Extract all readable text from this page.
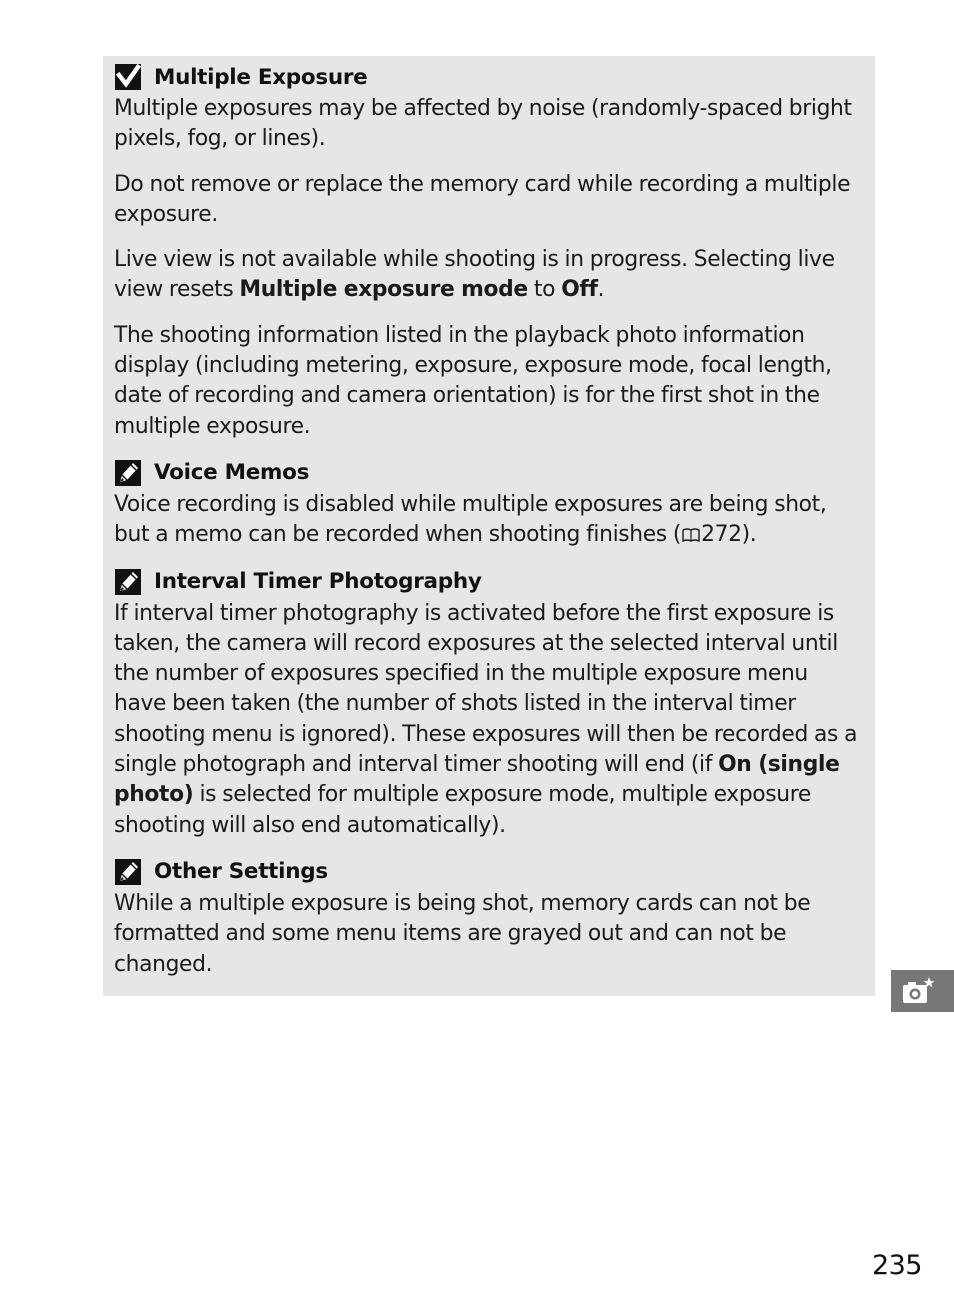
Multiple Exposure

Multiple exposures may be affected by noise (randomly-spaced bright pixels, fog, or lines).

Do not remove or replace the memory card while recording a multiple exposure.

Live view is not available while shooting is in progress. Selecting live view resets Multiple exposure mode to Off.

The shooting information listed in the playback photo information display (including metering, exposure, exposure mode, focal length, date of recording and camera orientation) is for the first shot in the multiple exposure.

Voice Memos

Voice recording is disabled while multiple exposures are being shot, but a memo can be recorded when shooting finishes ( 272).

Interval Timer Photography

If interval timer photography is activated before the first exposure is taken, the camera will record exposures at the selected interval until the number of exposures specified in the multiple exposure menu have been taken (the number of shots listed in the interval timer shooting menu is ignored). These exposures will then be recorded as a single photograph and interval timer shooting will end (if On (single photo) is selected for multiple exposure mode, multiple exposure shooting will also end automatically).

Other Settings

While a multiple exposure is being shot, memory cards can not be formatted and some menu items are grayed out and can not be changed.

235
